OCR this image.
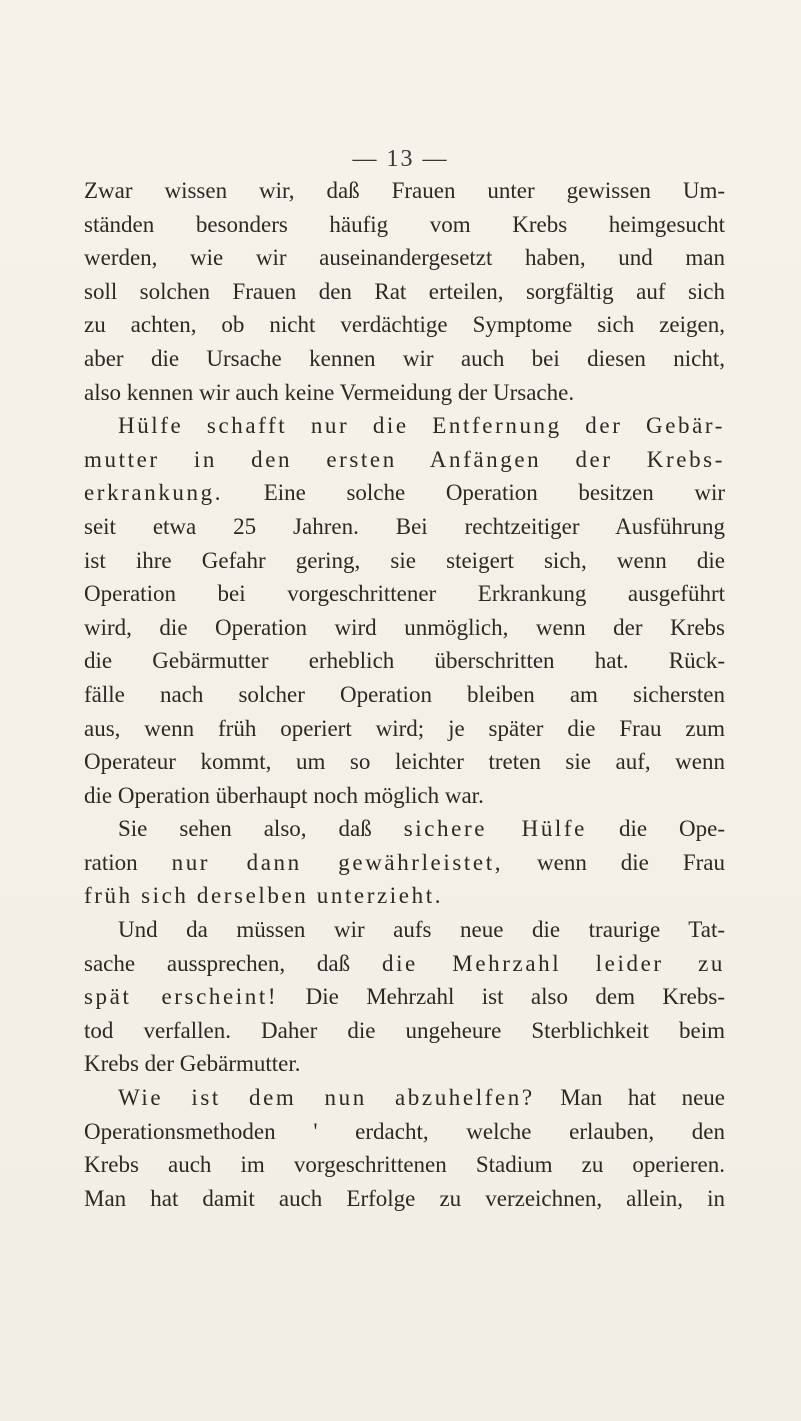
— 13 —
Zwar wissen wir, daß Frauen unter gewissen Um-
ständen besonders häufig vom Krebs heimgesucht
werden, wie wir auseinandergesetzt haben, und man
soll solchen Frauen den Rat erteilen, sorgfältig auf sich
zu achten, ob nicht verdächtige Symptome sich zeigen,
aber die Ursache kennen wir auch bei diesen nicht,
also kennen wir auch keine Vermeidung der Ursache.
Hülfe schafft nur die Entfernung der Gebär-
mutter in den ersten Anfängen der Krebs-
erkrankung. Eine solche Operation besitzen wir
seit etwa 25 Jahren. Bei rechtzeitiger Ausführung
ist ihre Gefahr gering, sie steigert sich, wenn die
Operation bei vorgeschrittener Erkrankung ausgeführt
wird, die Operation wird unmöglich, wenn der Krebs
die Gebärmutter erheblich überschritten hat. Rück-
fälle nach solcher Operation bleiben am sichersten
aus, wenn früh operiert wird; je später die Frau zum
Operateur kommt, um so leichter treten sie auf, wenn
die Operation überhaupt noch möglich war.
Sie sehen also, daß sichere Hülfe die Ope-
ration nur dann gewährleistet, wenn die Frau
früh sich derselben unterzieht.
Und da müssen wir aufs neue die traurige Tat-
sache aussprechen, daß die Mehrzahl leider zu
spät erscheint! Die Mehrzahl ist also dem Krebs-
tod verfallen. Daher die ungeheure Sterblichkeit beim
Krebs der Gebärmutter.
Wie ist dem nun abzuhelfen? Man hat neue
Operationsmethoden ' erdacht, welche erlauben, den
Krebs auch im vorgeschrittenen Stadium zu operieren.
Man hat damit auch Erfolge zu verzeichnen, allein, in
